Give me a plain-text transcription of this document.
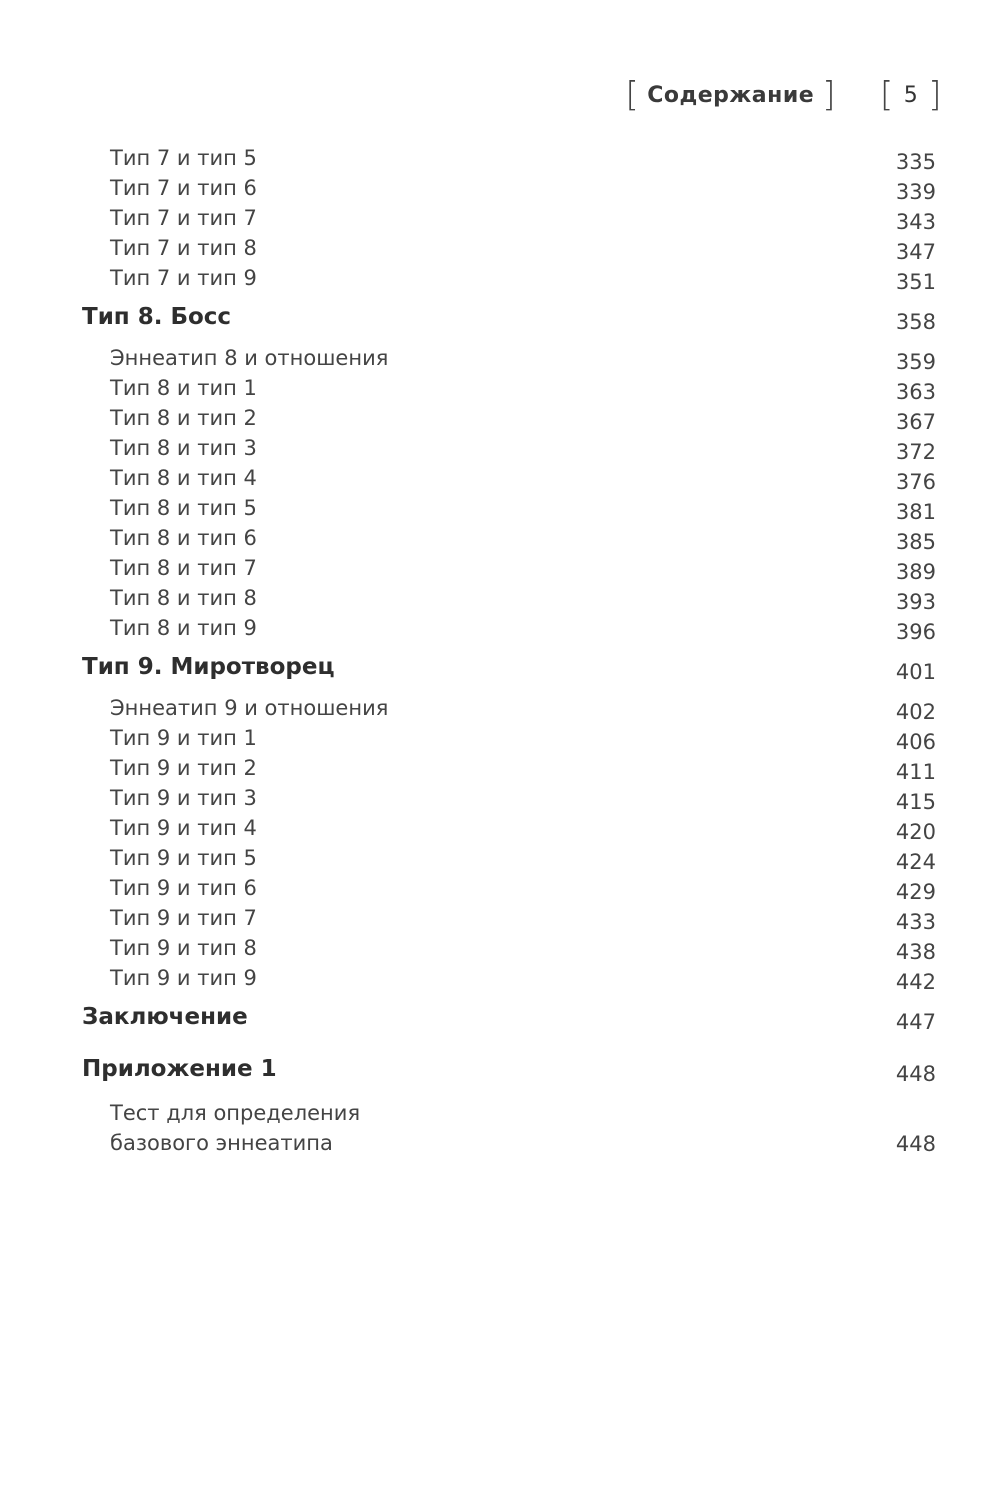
[ Содержание ] [ 5 ]
Тип 7 и тип 5	335
Тип 7 и тип 6	339
Тип 7 и тип 7	343
Тип 7 и тип 8	347
Тип 7 и тип 9	351
Тип 8. Босс	358
Эннеатип 8 и отношения	359
Тип 8 и тип 1	363
Тип 8 и тип 2	367
Тип 8 и тип 3	372
Тип 8 и тип 4	376
Тип 8 и тип 5	381
Тип 8 и тип 6	385
Тип 8 и тип 7	389
Тип 8 и тип 8	393
Тип 8 и тип 9	396
Тип 9. Миротворец	401
Эннеатип 9 и отношения	402
Тип 9 и тип 1	406
Тип 9 и тип 2	411
Тип 9 и тип 3	415
Тип 9 и тип 4	420
Тип 9 и тип 5	424
Тип 9 и тип 6	429
Тип 9 и тип 7	433
Тип 9 и тип 8	438
Тип 9 и тип 9	442
Заключение	447
Приложение 1	448
Тест для определения
базового эннеатипа	448
